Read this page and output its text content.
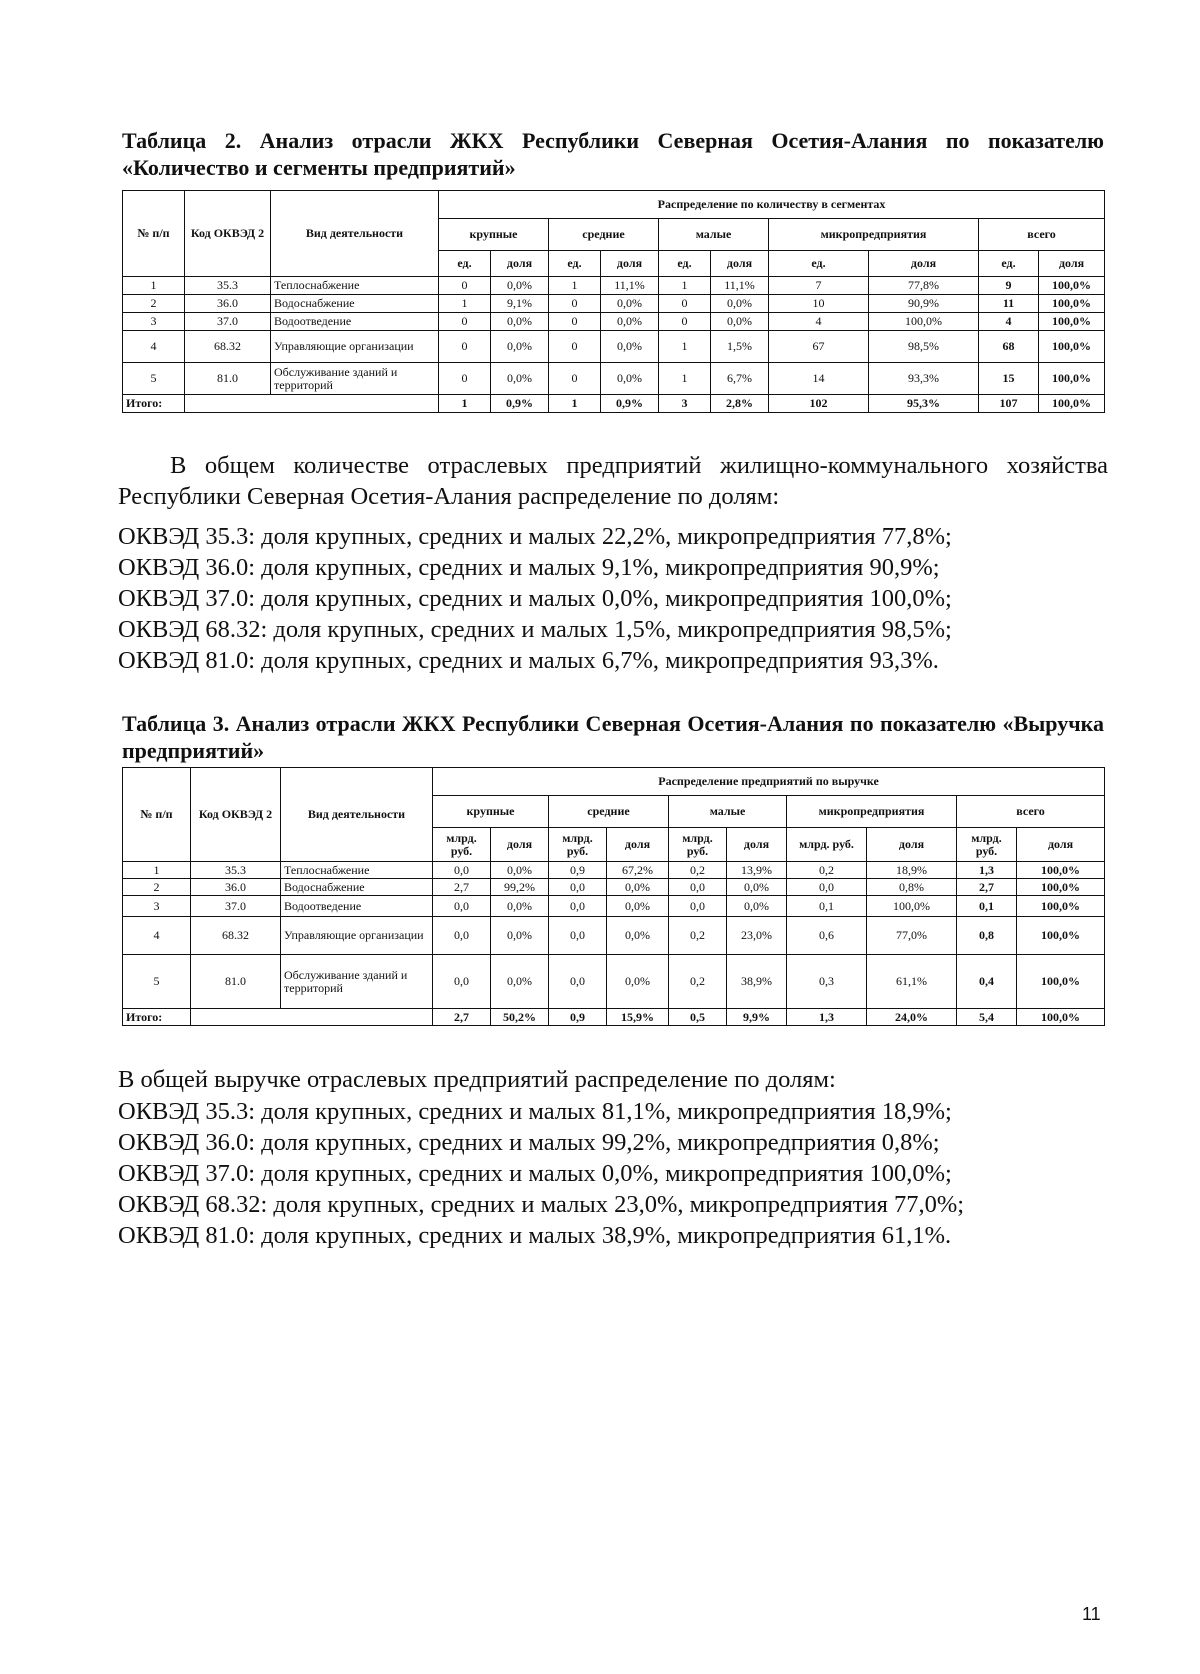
Таблица 2. Анализ отрасли ЖКХ Республики Северная Осетия-Алания по показателю «Количество и сегменты предприятий»
№ п/п	Код ОКВЭД 2	Вид деятельности	Распределение по количеству в сегментах									
			крупные		средние		малые		микропредприятия		всего	
			ед.	доля	ед.	доля	ед.	доля	ед.	доля	ед.	доля
1	35.3	Теплоснабжение	0	0,0%	1	11,1%	1	11,1%	7	77,8%	9	100,0%
2	36.0	Водоснабжение	1	9,1%	0	0,0%	0	0,0%	10	90,9%	11	100,0%
3	37.0	Водоотведение	0	0,0%	0	0,0%	0	0,0%	4	100,0%	4	100,0%
4	68.32	Управляющие организации	0	0,0%	0	0,0%	1	1,5%	67	98,5%	68	100,0%
5	81.0	Обслуживание зданий и территорий	0	0,0%	0	0,0%	1	6,7%	14	93,3%	15	100,0%
Итого:			1	0,9%	1	0,9%	3	2,8%	102	95,3%	107	100,0%
В общем количестве отраслевых предприятий жилищно-коммунального хозяйства Республики Северная Осетия-Алания распределение по долям:
ОКВЭД 35.3: доля крупных, средних и малых 22,2%, микропредприятия 77,8%;
ОКВЭД 36.0: доля крупных, средних и малых 9,1%, микропредприятия 90,9%;
ОКВЭД 37.0: доля крупных, средних и малых 0,0%, микропредприятия 100,0%;
ОКВЭД 68.32: доля крупных, средних и малых 1,5%, микропредприятия 98,5%;
ОКВЭД 81.0: доля крупных, средних и малых 6,7%, микропредприятия 93,3%.
Таблица 3. Анализ отрасли ЖКХ Республики Северная Осетия-Алания по показателю «Выручка предприятий»
№ п/п	Код ОКВЭД 2	Вид деятельности	Распределение предприятий по выручке									
			крупные		средние		малые		микропредприятия		всего	
			млрд. руб.	доля	млрд. руб.	доля	млрд. руб.	доля	млрд. руб.	доля	млрд. руб.	доля
1	35.3	Теплоснабжение	0,0	0,0%	0,9	67,2%	0,2	13,9%	0,2	18,9%	1,3	100,0%
2	36.0	Водоснабжение	2,7	99,2%	0,0	0,0%	0,0	0,0%	0,0	0,8%	2,7	100,0%
3	37.0	Водоотведение	0,0	0,0%	0,0	0,0%	0,0	0,0%	0,1	100,0%	0,1	100,0%
4	68.32	Управляющие организации	0,0	0,0%	0,0	0,0%	0,2	23,0%	0,6	77,0%	0,8	100,0%
5	81.0	Обслуживание зданий и территорий	0,0	0,0%	0,0	0,0%	0,2	38,9%	0,3	61,1%	0,4	100,0%
Итого:			2,7	50,2%	0,9	15,9%	0,5	9,9%	1,3	24,0%	5,4	100,0%
В общей выручке отраслевых предприятий распределение по долям:
ОКВЭД 35.3: доля крупных, средних и малых 81,1%, микропредприятия 18,9%;
ОКВЭД 36.0: доля крупных, средних и малых 99,2%, микропредприятия 0,8%;
ОКВЭД 37.0: доля крупных, средних и малых 0,0%, микропредприятия 100,0%;
ОКВЭД 68.32: доля крупных, средних и малых 23,0%, микропредприятия 77,0%;
ОКВЭД 81.0: доля крупных, средних и малых 38,9%, микропредприятия 61,1%.
11
